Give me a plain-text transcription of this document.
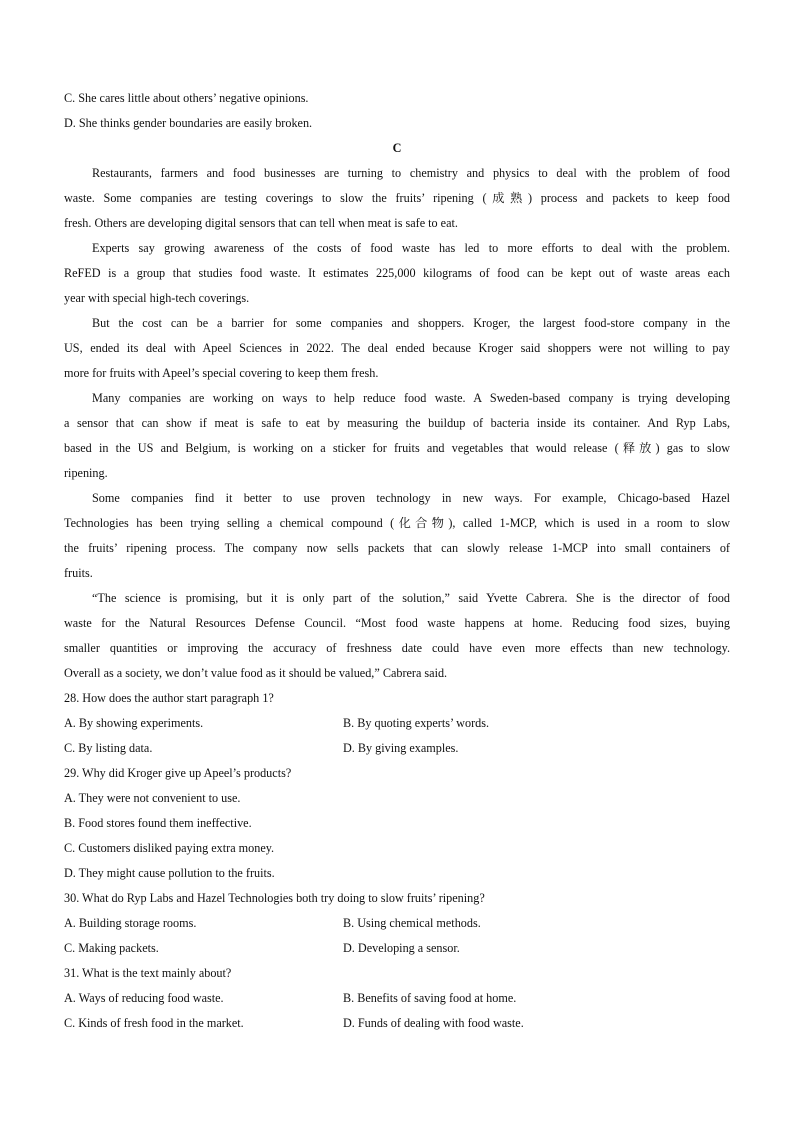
C. She cares little about others’ negative opinions.
D. She thinks gender boundaries are easily broken.
C
Restaurants, farmers and food businesses are turning to chemistry and physics to deal with the problem of food
waste. Some companies are testing coverings to slow the fruits’ ripening (成熟) process and packets to keep food
fresh. Others are developing digital sensors that can tell when meat is safe to eat.
Experts say growing awareness of the costs of food waste has led to more efforts to deal with the problem.
ReFED is a group that studies food waste. It estimates 225,000 kilograms of food can be kept out of waste areas each
year with special high-tech coverings.
But the cost can be a barrier for some companies and shoppers. Kroger, the largest food-store company in the
US, ended its deal with Apeel Sciences in 2022. The deal ended because Kroger said shoppers were not willing to pay
more for fruits with Apeel’s special covering to keep them fresh.
Many companies are working on ways to help reduce food waste. A Sweden-based company is trying developing
a sensor that can show if meat is safe to eat by measuring the buildup of bacteria inside its container. And Ryp Labs,
based in the US and Belgium, is working on a sticker for fruits and vegetables that would release (释放) gas to slow
ripening.
Some companies find it better to use proven technology in new ways. For example, Chicago-based Hazel
Technologies has been trying selling a chemical compound (化合物), called 1-MCP, which is used in a room to slow
the fruits’ ripening process. The company now sells packets that can slowly release 1-MCP into small containers of
fruits.
“The science is promising, but it is only part of the solution,” said Yvette Cabrera. She is the director of food
waste for the Natural Resources Defense Council. “Most food waste happens at home. Reducing food sizes, buying
smaller quantities or improving the accuracy of freshness date could have even more effects than new technology.
Overall as a society, we don’t value food as it should be valued,” Cabrera said.
28. How does the author start paragraph 1?
A. By showing experiments.	B. By quoting experts’ words.
C. By listing data.	D. By giving examples.
29. Why did Kroger give up Apeel’s products?
A. They were not convenient to use.
B. Food stores found them ineffective.
C. Customers disliked paying extra money.
D. They might cause pollution to the fruits.
30. What do Ryp Labs and Hazel Technologies both try doing to slow fruits’ ripening?
A. Building storage rooms.	B. Using chemical methods.
C. Making packets.	D. Developing a sensor.
31. What is the text mainly about?
A. Ways of reducing food waste.	B. Benefits of saving food at home.
C. Kinds of fresh food in the market.	D. Funds of dealing with food waste.
